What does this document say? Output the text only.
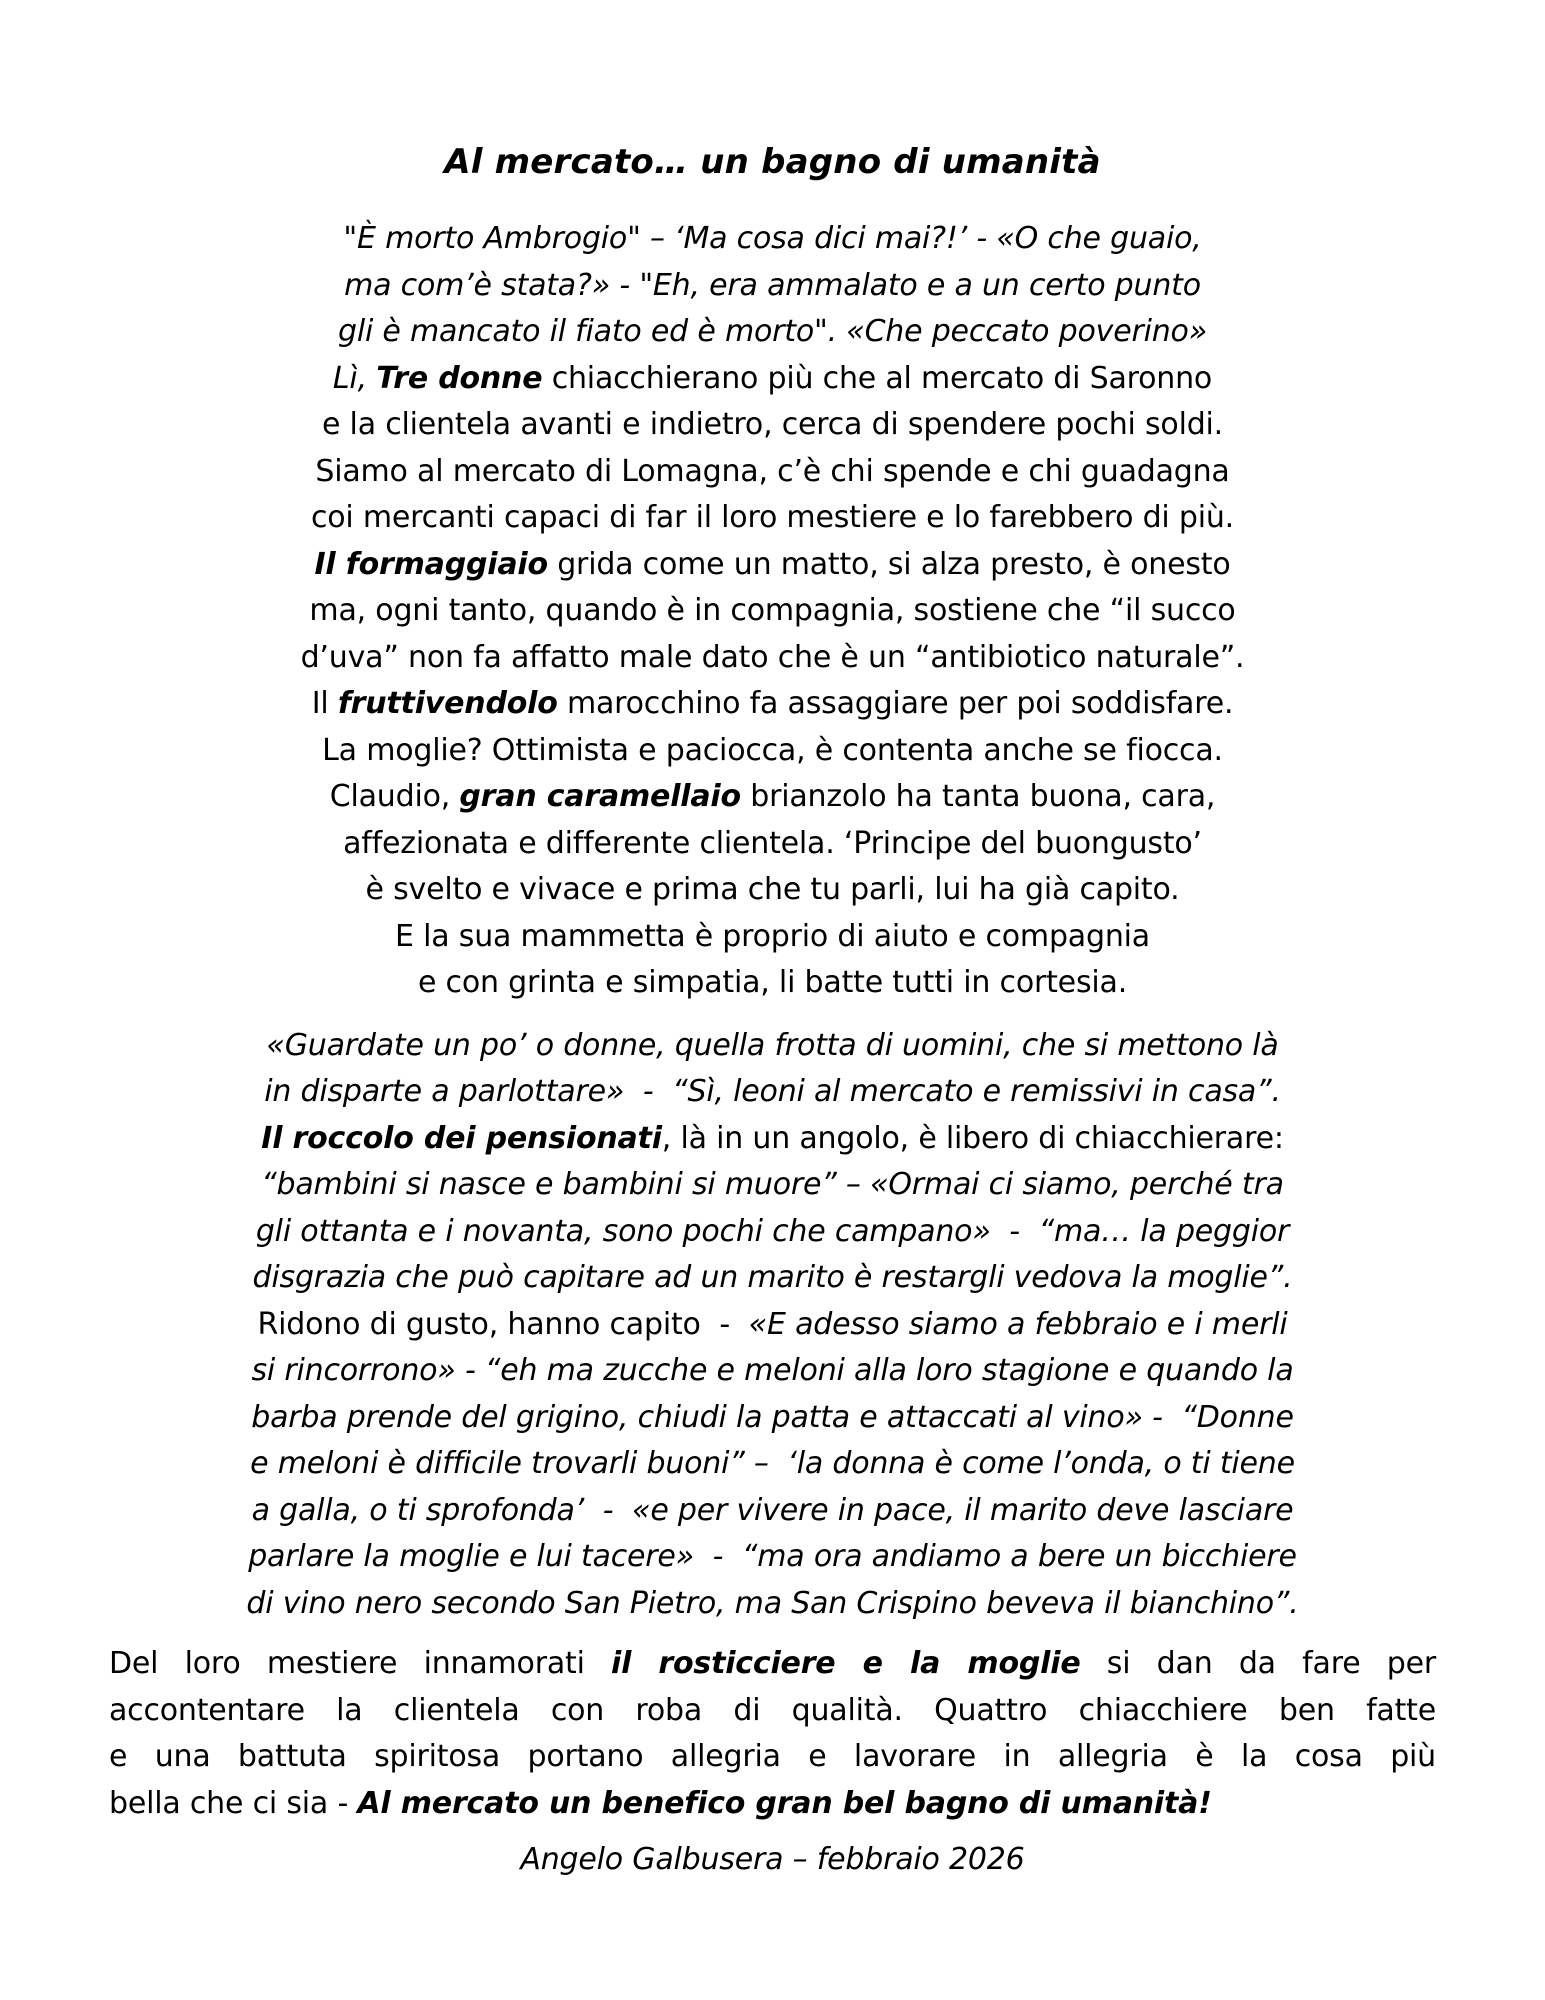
Al mercato… un bagno di umanità
"È morto Ambrogio" – ‘Ma cosa dici mai?!’ - «O che guaio,
ma com’è stata?» - "Eh, era ammalato e a un certo punto
gli è mancato il fiato ed è morto". «Che peccato poverino»
Lì, Tre donne chiacchierano più che al mercato di Saronno
e la clientela avanti e indietro, cerca di spendere pochi soldi.
Siamo al mercato di Lomagna, c’è chi spende e chi guadagna
coi mercanti capaci di far il loro mestiere e lo farebbero di più.
Il formaggiaio grida come un matto, si alza presto, è onesto
ma, ogni tanto, quando è in compagnia, sostiene che “il succo
d’uva” non fa affatto male dato che è un “antibiotico naturale”.
Il fruttivendolo marocchino fa assaggiare per poi soddisfare.
La moglie? Ottimista e paciocca, è contenta anche se fiocca.
Claudio, gran caramellaio brianzolo ha tanta buona, cara,
affezionata e differente clientela. ‘Principe del buongusto’
è svelto e vivace e prima che tu parli, lui ha già capito.
E la sua mammetta è proprio di aiuto e compagnia
e con grinta e simpatia, li batte tutti in cortesia.
«Guardate un po’ o donne, quella frotta di uomini, che si mettono là
in disparte a parlottare»  -  “Sì, leoni al mercato e remissivi in casa”.
Il roccolo dei pensionati, là in un angolo, è libero di chiacchierare:
“bambini si nasce e bambini si muore” – «Ormai ci siamo, perché tra
gli ottanta e i novanta, sono pochi che campano»  -  “ma… la peggior
disgrazia che può capitare ad un marito è restargli vedova la moglie”.
Ridono di gusto, hanno capito  -  «E adesso siamo a febbraio e i merli
si rincorrono» - “eh ma zucche e meloni alla loro stagione e quando la
barba prende del grigino, chiudi la patta e attaccati al vino» -  “Donne
e meloni è difficile trovarli buoni” –  ‘la donna è come l’onda, o ti tiene
a galla, o ti sprofonda’  -  «e per vivere in pace, il marito deve lasciare
parlare la moglie e lui tacere»  -  “ma ora andiamo a bere un bicchiere
di vino nero secondo San Pietro, ma San Crispino beveva il bianchino”.
Del loro mestiere innamorati il rosticciere e la moglie si dan da fare per
accontentare la clientela con roba di qualità. Quattro chiacchiere ben fatte
e una battuta spiritosa portano allegria e lavorare in allegria è la cosa più
bella che ci sia - Al mercato un benefico gran bel bagno di umanità!
Angelo Galbusera – febbraio 2026
